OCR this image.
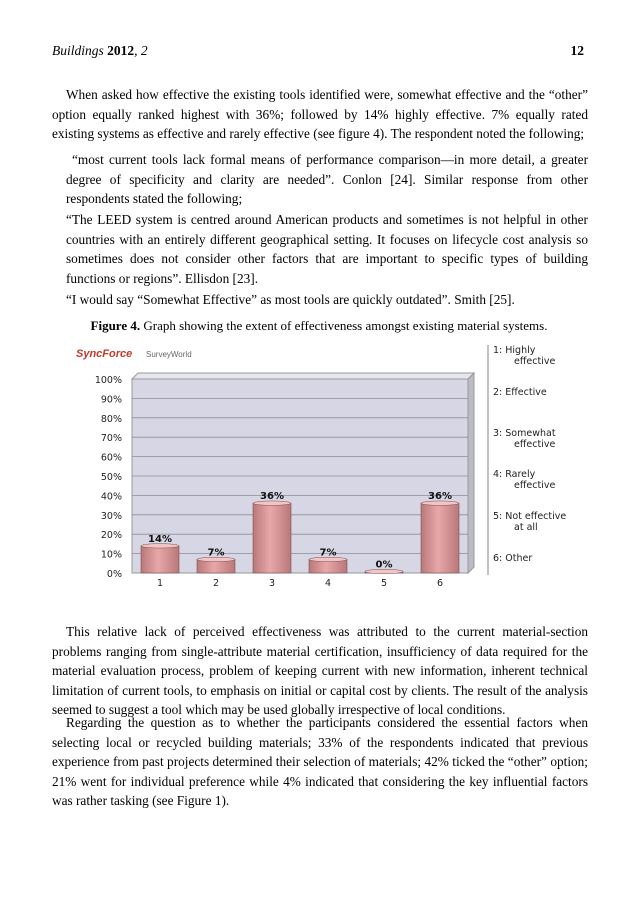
Buildings 2012, 2	12
When asked how effective the existing tools identified were, somewhat effective and the “other” option equally ranked highest with 36%; followed by 14% highly effective. 7% equally rated existing systems as effective and rarely effective (see figure 4). The respondent noted the following;
“most current tools lack formal means of performance comparison—in more detail, a greater degree of specificity and clarity are needed”. Conlon [24]. Similar response from other respondents stated the following;
“The LEED system is centred around American products and sometimes is not helpful in other countries with an entirely different geographical setting. It focuses on lifecycle cost analysis so sometimes does not consider other factors that are important to specific types of building functions or regions”. Ellisdon [23].
“I would say “Somewhat Effective” as most tools are quickly outdated”. Smith [25].
Figure 4. Graph showing the extent of effectiveness amongst existing material systems.
SyncForce SurveyWorld
0%
10%
20%
30%
40%
50%
60%
70%
80%
90%
100%
14%
1
7%
2
36%
3
7%
4
0%
5
36%
6
1: Highly
effective
2: Effective
3: Somewhat
effective
4: Rarely
effective
5: Not effective
at all
6: Other
This relative lack of perceived effectiveness was attributed to the current material-section problems ranging from single-attribute material certification, insufficiency of data required for the material evaluation process, problem of keeping current with new information, inherent technical limitation of current tools, to emphasis on initial or capital cost by clients. The result of the analysis seemed to suggest a tool which may be used globally irrespective of local conditions.
Regarding the question as to whether the participants considered the essential factors when selecting local or recycled building materials; 33% of the respondents indicated that previous experience from past projects determined their selection of materials; 42% ticked the “other” option; 21% went for individual preference while 4% indicated that considering the key influential factors was rather tasking (see Figure 1).
